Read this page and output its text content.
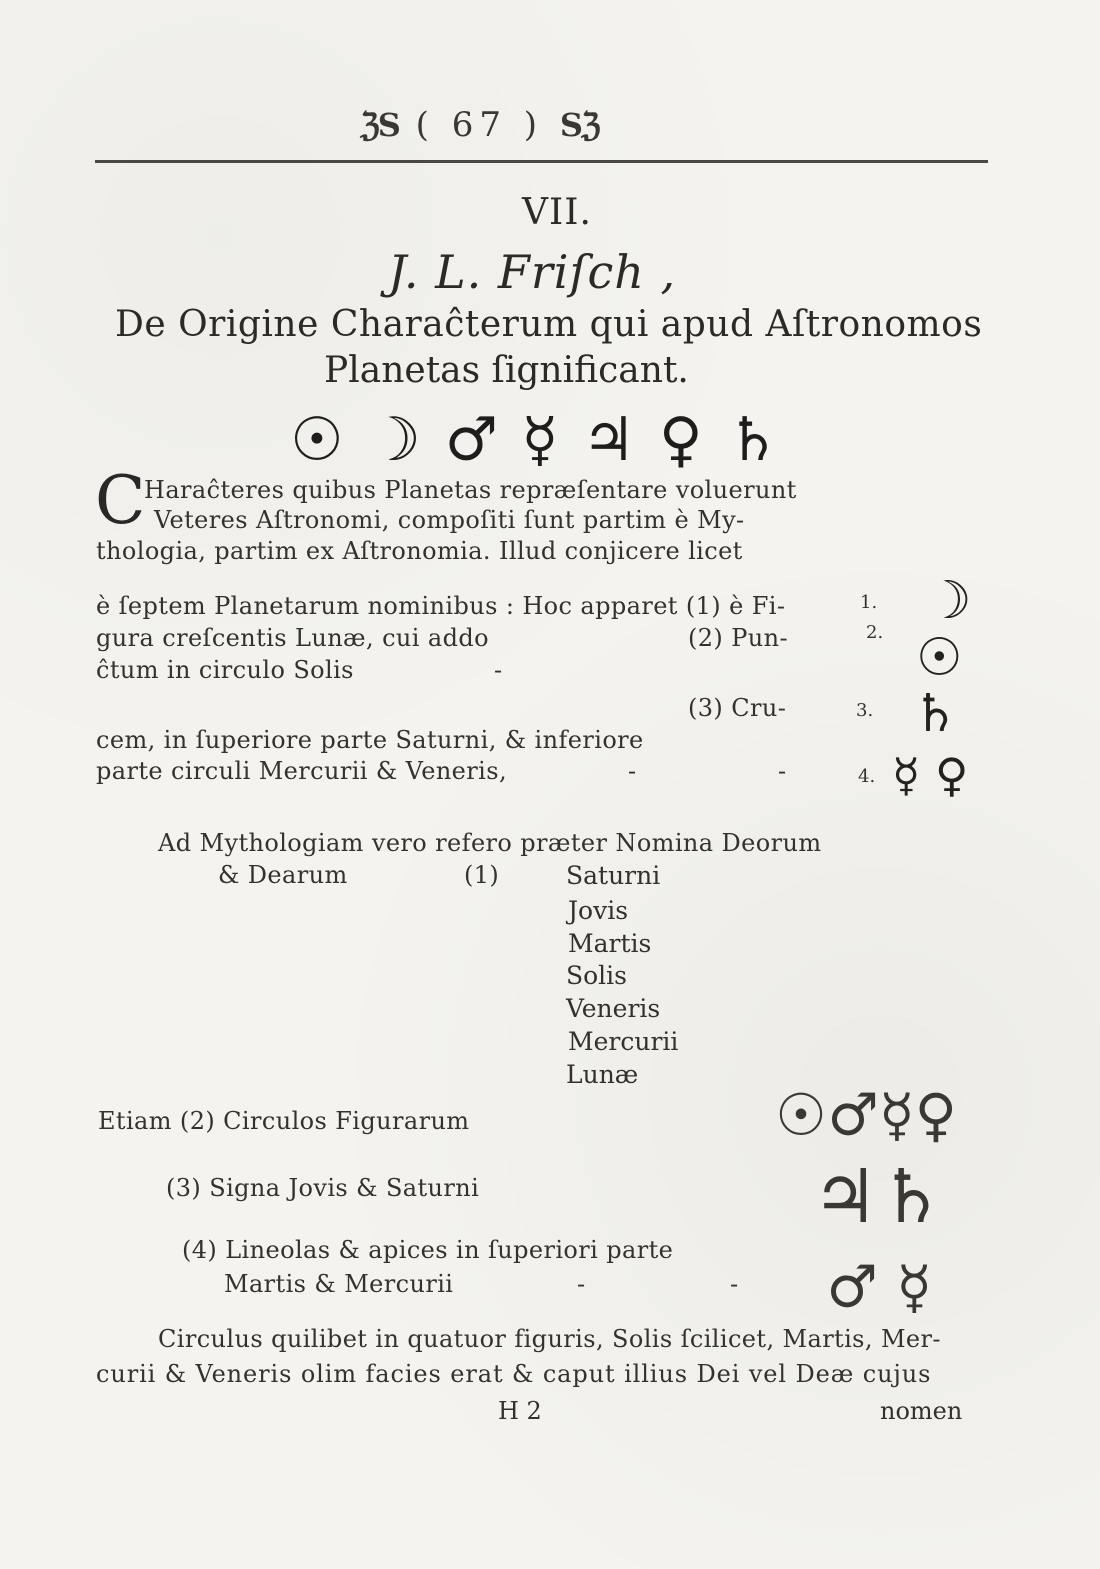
ℨS ( 67 ) Sℨ
VII.
J. L. Friſch ,
De Origine Charaĉterum qui apud Aſtronomos
Planetas ſignificant.
☉ ☽ ♂ ☿ ♃ ♀ ♄
C
Haraĉteres quibus Planetas repræſentare voluerunt
Veteres Aſtronomi, compoſiti ſunt partim è My-
thologia, partim ex Aſtronomia. Illud conjicere licet
è ſeptem Planetarum nominibus : Hoc apparet (1) è Fi-
gura creſcentis Lunæ, cui addo	(2) Pun-
ĉtum in circulo Solis	-
(3) Cru-
cem, in ſuperiore parte Saturni, & inferiore
parte circuli Mercurii & Veneris,	-	-
1. ☽
2. ☉
3. ♄
4. ☿ ♀
Ad Mythologiam vero refero præter Nomina Deorum
& Dearum	(1)	Saturni
Jovis
Martis
Solis
Veneris
Mercurii
Lunæ
Etiam (2) Circulos Figurarum
(3) Signa Jovis & Saturni
(4) Lineolas & apices in ſuperiori parte
Martis & Mercurii	-	-
☉♂☿♀
♃♄
♂ ☿
Circulus quilibet in quatuor figuris, Solis ſcilicet, Martis, Mer-
curii & Veneris olim facies erat & caput illius Dei vel Deæ cujus
H 2	nomen
